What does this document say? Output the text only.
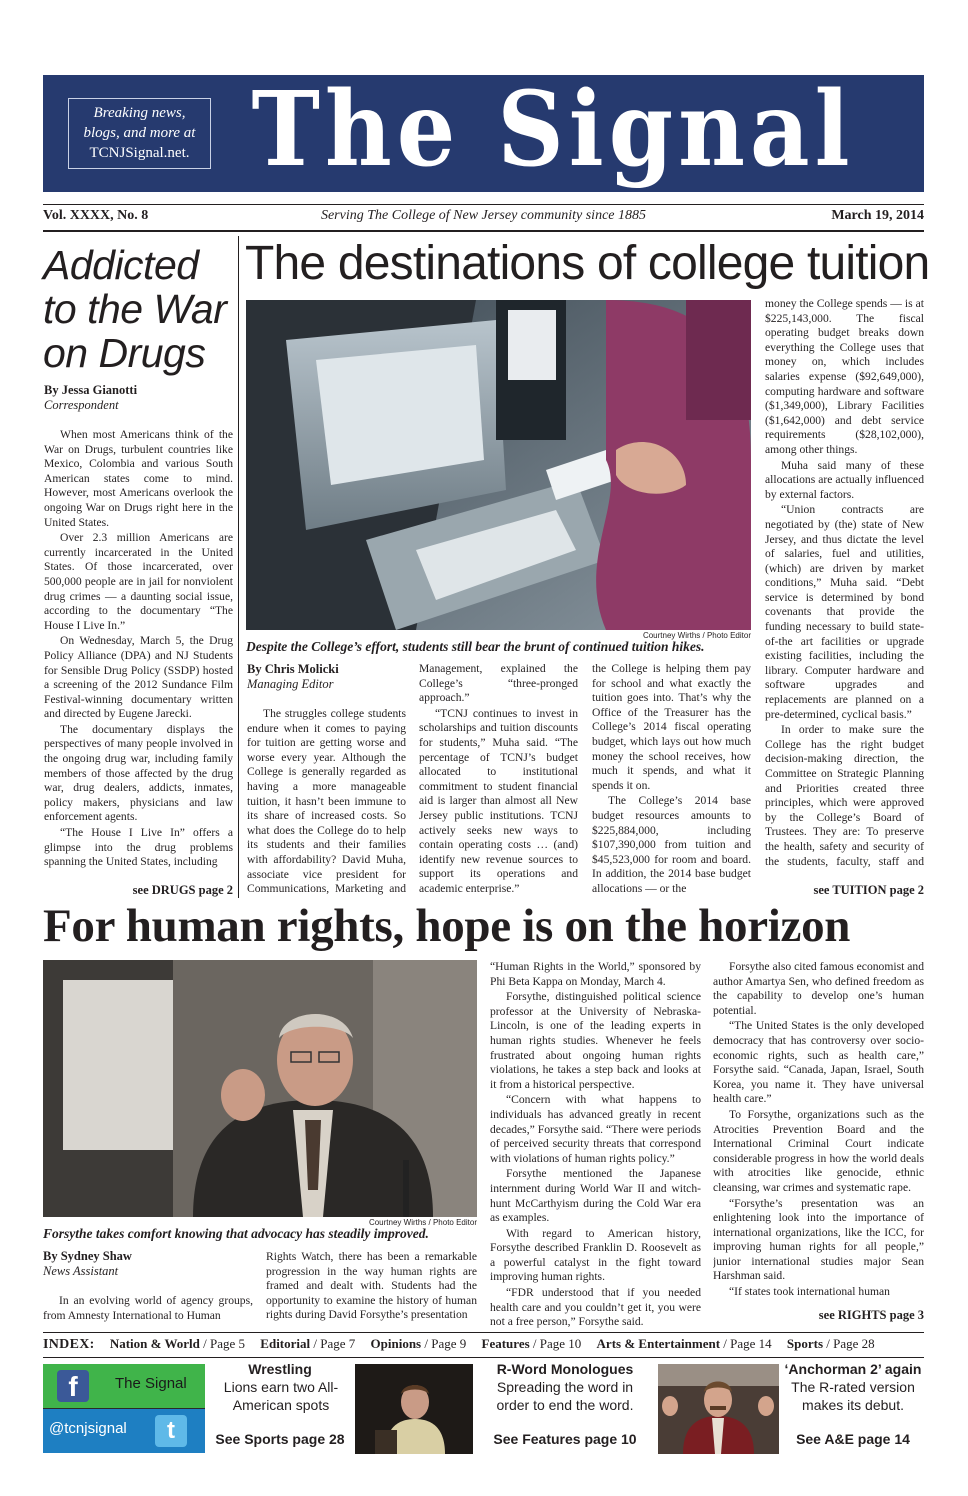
Breaking news,
blogs, and more at
TCNJSignal.net. The Signal
Vol. XXXX, No. 8	Serving The College of New Jersey community since 1885	March 19, 2014
Addicted to the War on Drugs
By Jessa Gianotti
Correspondent

When most Americans think of the War on Drugs, turbulent countries like Mexico, Colombia and various South American states come to mind. However, most Americans overlook the ongoing War on Drugs right here in the United States.

Over 2.3 million Americans are currently incarcerated in the United States. Of those incarcerated, over 500,000 people are in jail for nonviolent drug crimes — a daunting social issue, according to the documentary “The House I Live In.”

On Wednesday, March 5, the Drug Policy Alliance (DPA) and NJ Students for Sensible Drug Policy (SSDP) hosted a screening of the 2012 Sundance Film Festival-winning documentary written and directed by Eugene Jarecki.

The documentary displays the perspectives of many people involved in the ongoing drug war, including family members of those affected by the drug war, drug dealers, addicts, inmates, policy makers, physicians and law enforcement agents.

“The House I Live In” offers a glimpse into the drug problems spanning the United States, including

see DRUGS page 2
The destinations of college tuition
Courtney Wirths / Photo Editor
Despite the College’s effort, students still bear the brunt of continued tuition hikes.
By Chris Molicki
Managing Editor

The struggles college students endure when it comes to paying for tuition are getting worse and worse every year. Although the College is generally regarded as having a more manageable tuition, it hasn’t been immune to its share of increased costs. So what does the College do to help its students and their families with affordability? David Muha, associate vice president for Communications, Marketing and

Management, explained the College’s “three-pronged approach.”

“TCNJ continues to invest in scholarships and tuition discounts for students,” Muha said. “The percentage of TCNJ’s budget allocated to institutional commitment to student financial aid is larger than almost all New Jersey public institutions. TCNJ actively seeks new ways to contain operating costs … (and) identify new revenue sources to support its operations and academic enterprise.”

the College is helping them pay for school and what exactly the tuition goes into. That’s why the Office of the Treasurer has the College’s 2014 fiscal operating budget, which lays out how much money the school receives, how much it spends, and what it spends it on.

The College’s 2014 base budget resources amounts to $225,884,000, including $107,390,000 from tuition and $45,523,000 for room and board. In addition, the 2014 base budget allocations — or the

money the College spends — is at $225,143,000. The fiscal operating budget breaks down everything the College uses that money on, which includes salaries expense ($92,649,000), computing hardware and software ($1,349,000), Library Facilities ($1,642,000) and debt service requirements ($28,102,000), among other things.

Muha said many of these allocations are actually influenced by external factors.

“Union contracts are negotiated by (the) state of New Jersey, and thus dictate the level of salaries, fuel and utilities, (which) are driven by market conditions,” Muha said. “Debt service is determined by bond covenants that provide the funding necessary to build state-of-the art facilities or upgrade existing facilities, including the library. Computer hardware and software upgrades and replacements are planned on a pre-determined, cyclical basis.”

In order to make sure the College has the right budget decision-making direction, the Committee on Strategic Planning and Priorities created three principles, which were approved by the College’s Board of Trustees. They are: To preserve the health, safety and security of the students, faculty, staff and

see TUITION page 2
For human rights, hope is on the horizon
Courtney Wirths / Photo Editor
Forsythe takes comfort knowing that advocacy has steadily improved.
By Sydney Shaw
News Assistant

In an evolving world of agency groups, from Amnesty International to Human

Rights Watch, there has been a remarkable progression in the way human rights are framed and dealt with. Students had the opportunity to examine the history of human rights during David Forsythe’s presentation

“Human Rights in the World,” sponsored by Phi Beta Kappa on Monday, March 4.

Forsythe, distinguished political science professor at the University of Nebraska-Lincoln, is one of the leading experts in human rights studies. Whenever he feels frustrated about ongoing human rights violations, he takes a step back and looks at it from a historical perspective.

“Concern with what happens to individuals has advanced greatly in recent decades,” Forsythe said. “There were periods of perceived security threats that correspond with violations of human rights policy.”

Forsythe mentioned the Japanese internment during World War II and witch-hunt McCarthyism during the Cold War era as examples.

With regard to American history, Forsythe described Franklin D. Roosevelt as a powerful catalyst in the fight toward improving human rights.

“FDR understood that if you needed health care and you couldn’t get it, you were not a free person,” Forsythe said.

Forsythe also cited famous economist and author Amartya Sen, who defined freedom as the capability to develop one’s human potential.

“The United States is the only developed democracy that has controversy over socio-economic rights, such as health care,” Forsythe said. “Canada, Japan, Israel, South Korea, you name it. They have universal health care.”

To Forsythe, organizations such as the Atrocities Prevention Board and the International Criminal Court indicate considerable progress in how the world deals with atrocities like genocide, ethnic cleansing, war crimes and systematic rape.

“Forsythe’s presentation was an enlightening look into the importance of international organizations, like the ICC, for improving human rights for all people,” junior international studies major Sean Harshman said.

“If states took international human

see RIGHTS page 3
INDEX: Nation & World / Page 5 Editorial / Page 7 Opinions / Page 9 Features / Page 10 Arts & Entertainment / Page 14 Sports / Page 28
f	The Signal
@tcnjsignal	t
Wrestling
Lions earn two All-American spots
See Sports page 28
R-Word Monologues
Spreading the word in order to end the word.
See Features page 10
‘Anchorman 2’ again
The R-rated version makes its debut.
See A&E page 14
